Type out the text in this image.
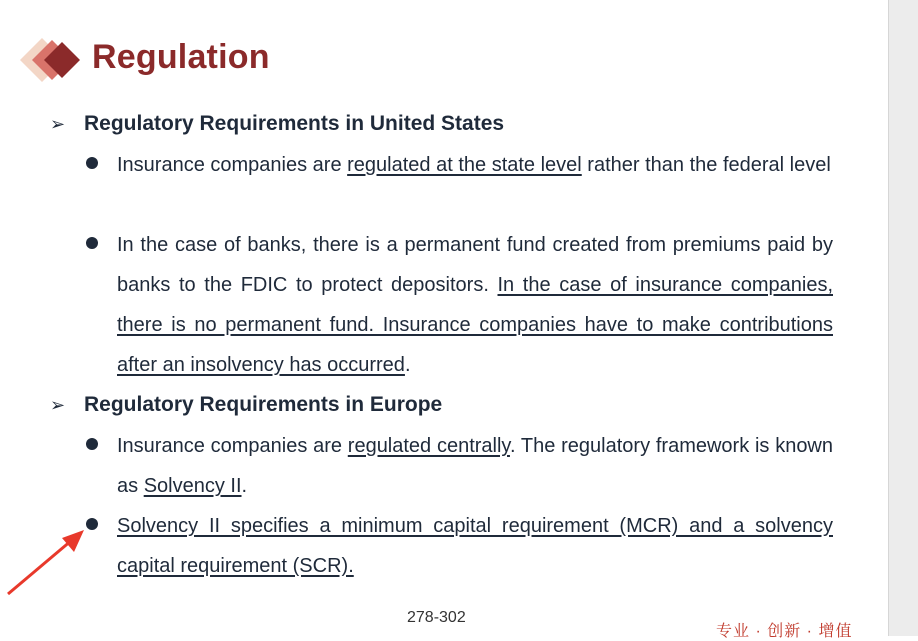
Regulation
➢ Regulatory Requirements in United States
Insurance companies are regulated at the state level rather than the federal level
In the case of banks, there is a permanent fund created from premiums paid by banks to the FDIC to protect depositors. In the case of insurance companies, there is no permanent fund. Insurance companies have to make contributions after an insolvency has occurred.
➢ Regulatory Requirements in Europe
Insurance companies are regulated centrally. The regulatory framework is known as Solvency II.
Solvency II specifies a minimum capital requirement (MCR) and a solvency capital requirement (SCR).
278-302
专业 · 创新 · 增值
